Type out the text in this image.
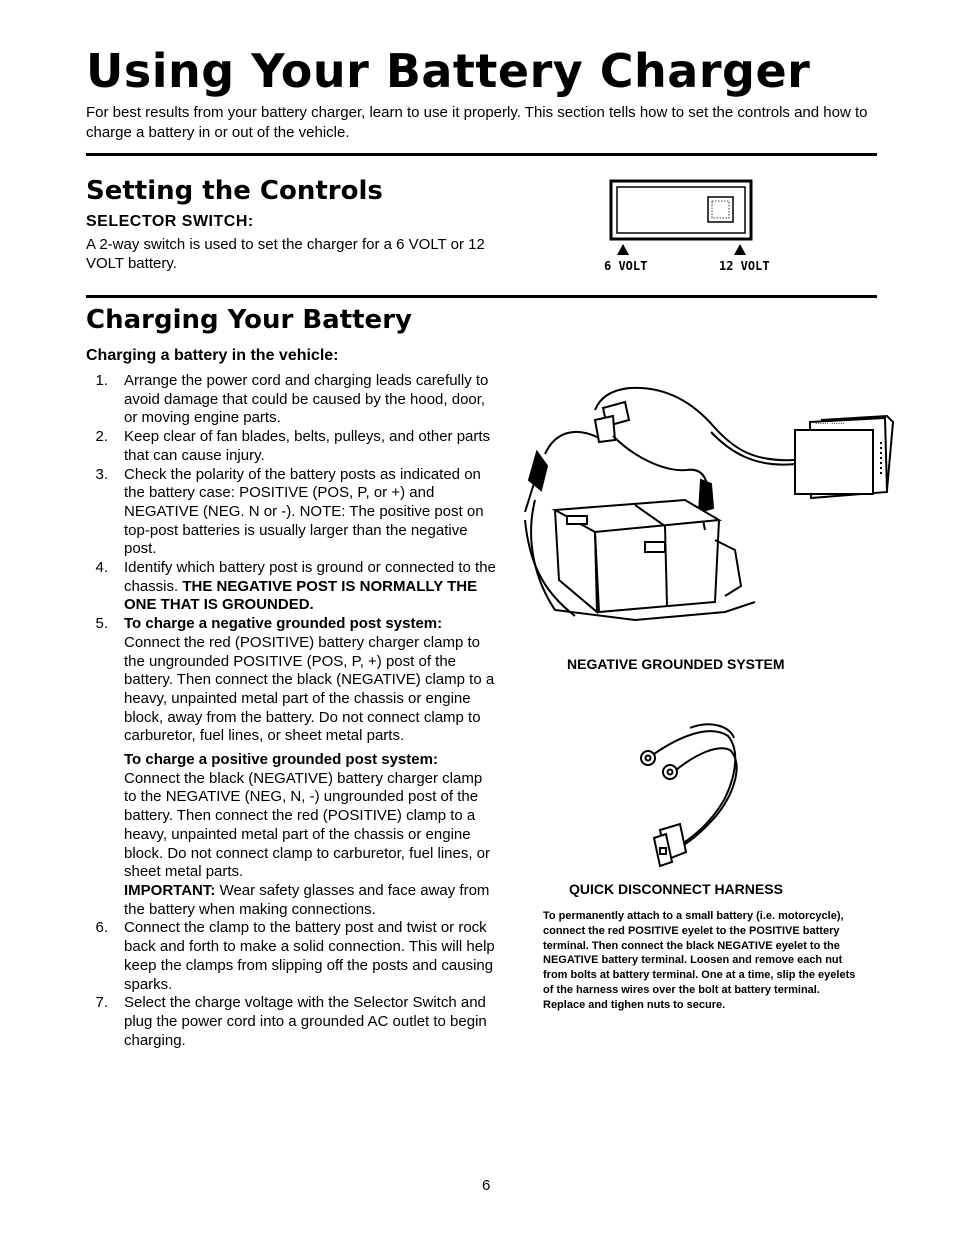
Using Your Battery Charger
For best results from your battery charger, learn to use it properly. This section tells how to set the controls and how to charge a battery in or out of the vehicle.
Setting the Controls
SELECTOR SWITCH:
A 2-way switch is used to set the charger for a 6 VOLT or 12 VOLT battery.	6 VOLT	12 VOLT
Charging Your Battery
Charging a battery in the vehicle:
1. Arrange the power cord and charging leads carefully to avoid damage that could be caused by the hood, door, or moving engine parts.
2. Keep clear of fan blades, belts, pulleys, and other parts that can cause injury.
3. Check the polarity of the battery posts as indicated on the battery case: POSITIVE (POS, P, or +) and NEGATIVE (NEG. N or -). NOTE: The positive post on top-post batteries is usually larger than the negative post.
4. Identify which battery post is ground or connected to the chassis. THE NEGATIVE POST IS NORMALLY THE ONE THAT IS GROUNDED.
5. To charge a negative grounded post system:
Connect the red (POSITIVE) battery charger clamp to the ungrounded POSITIVE (POS, P, +) post of the battery. Then connect the black (NEGATIVE) clamp to a heavy, unpainted metal part of the chassis or engine block, away from the battery. Do not connect clamp to carburetor, fuel lines, or sheet metal parts.
To charge a positive grounded post system:
Connect the black (NEGATIVE) battery charger clamp to the NEGATIVE (NEG, N, -) ungrounded post of the battery. Then connect the red (POSITIVE) clamp to a heavy, unpainted metal part of the chassis or engine block. Do not connect clamp to carburetor, fuel lines, or sheet metal parts.
IMPORTANT: Wear safety glasses and face away from the battery when making connections.
6. Connect the clamp to the battery post and twist or rock back and forth to make a solid connection. This will help keep the clamps from slipping off the posts and causing sparks.
7. Select the charge voltage with the Selector Switch and plug the power cord into a grounded AC outlet to begin charging.
⋯⋯ ⋯⋯
NEGATIVE GROUNDED SYSTEM
QUICK DISCONNECT HARNESS
To permanently attach to a small battery (i.e. motorcycle), connect the red POSITIVE eyelet to the POSITIVE battery terminal. Then connect the black NEGATIVE eyelet to the NEGATIVE battery terminal. Loosen and remove each nut from bolts at battery terminal. One at a time, slip the eyelets of the harness wires over the bolt at battery terminal. Replace and tighen nuts to secure.
6
